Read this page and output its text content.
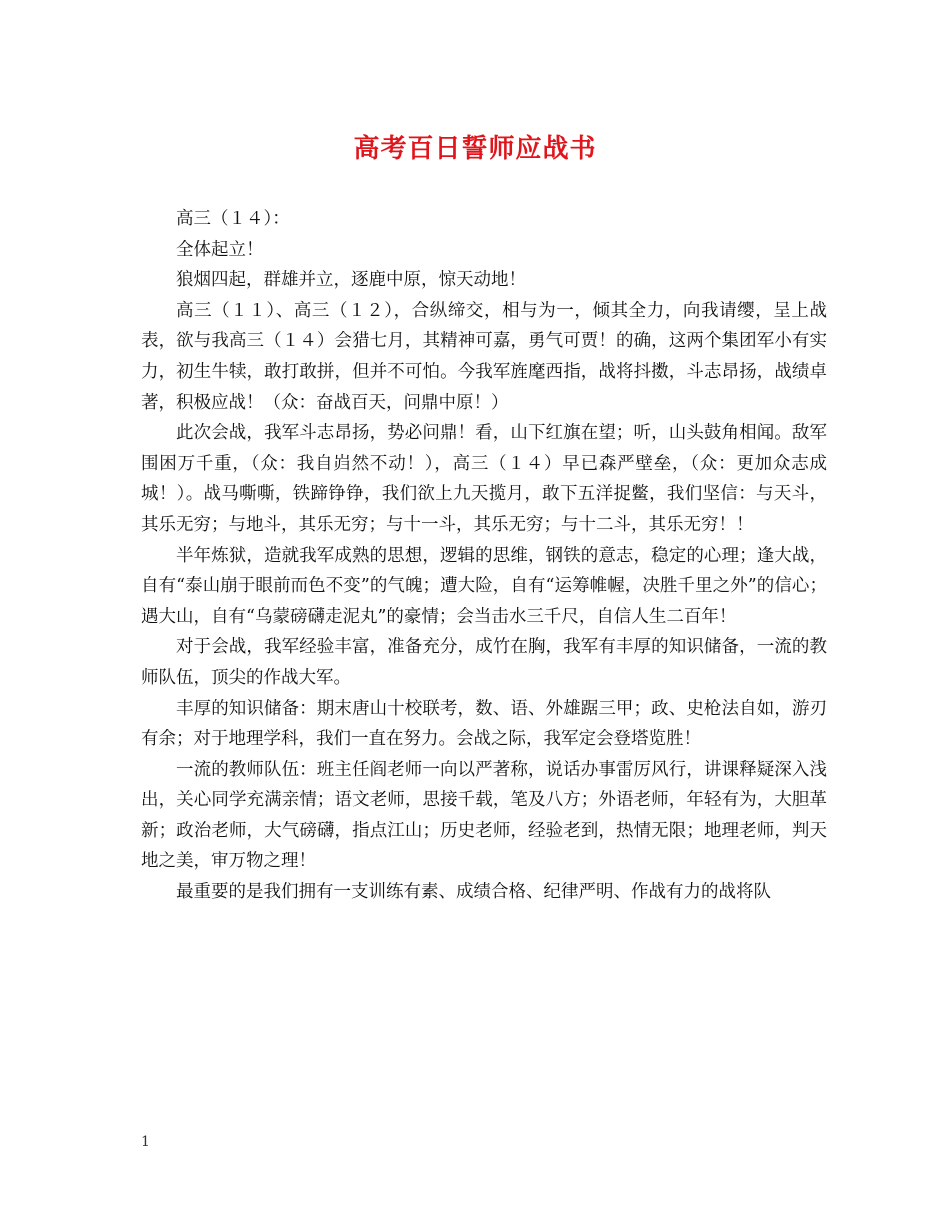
高考百日誓师应战书

高三（１４）：

全体起立！

狼烟四起，群雄并立，逐鹿中原，惊天动地！

高三（１１）、高三（１２），合纵缔交，相与为一，倾其全力，向我请缨，呈上战表，欲与我高三（１４）会猎七月，其精神可嘉，勇气可贾！的确，这两个集团军小有实力，初生牛犊，敢打敢拼，但并不可怕。今我军旌麾西指，战将抖擞，斗志昂扬，战绩卓著，积极应战！（众：奋战百天，问鼎中原！）

此次会战，我军斗志昂扬，势必问鼎！看，山下红旗在望；听，山头鼓角相闻。敌军围困万千重，（众：我自岿然不动！），高三（１４）早已森严壁垒，（众：更加众志成城！）。战马嘶嘶，铁蹄铮铮，我们欲上九天揽月，敢下五洋捉鳖，我们坚信：与天斗，其乐无穷；与地斗，其乐无穷；与十一斗，其乐无穷；与十二斗，其乐无穷！！

半年炼狱，造就我军成熟的思想，逻辑的思维，钢铁的意志，稳定的心理；逢大战，自有“泰山崩于眼前而色不变”的气魄；遭大险，自有“运筹帷幄，决胜千里之外”的信心；遇大山，自有“乌蒙磅礴走泥丸”的豪情；会当击水三千尺，自信人生二百年！

对于会战，我军经验丰富，准备充分，成竹在胸，我军有丰厚的知识储备，一流的教师队伍，顶尖的作战大军。

丰厚的知识储备：期末唐山十校联考，数、语、外雄踞三甲；政、史枪法自如，游刃有余；对于地理学科，我们一直在努力。会战之际，我军定会登塔览胜！

一流的教师队伍：班主任阎老师一向以严著称，说话办事雷厉风行，讲课释疑深入浅出，关心同学充满亲情；语文老师，思接千载，笔及八方；外语老师，年轻有为，大胆革新；政治老师，大气磅礴，指点江山；历史老师，经验老到，热情无限；地理老师，判天地之美，审万物之理！

最重要的是我们拥有一支训练有素、成绩合格、纪律严明、作战有力的战将队

1
